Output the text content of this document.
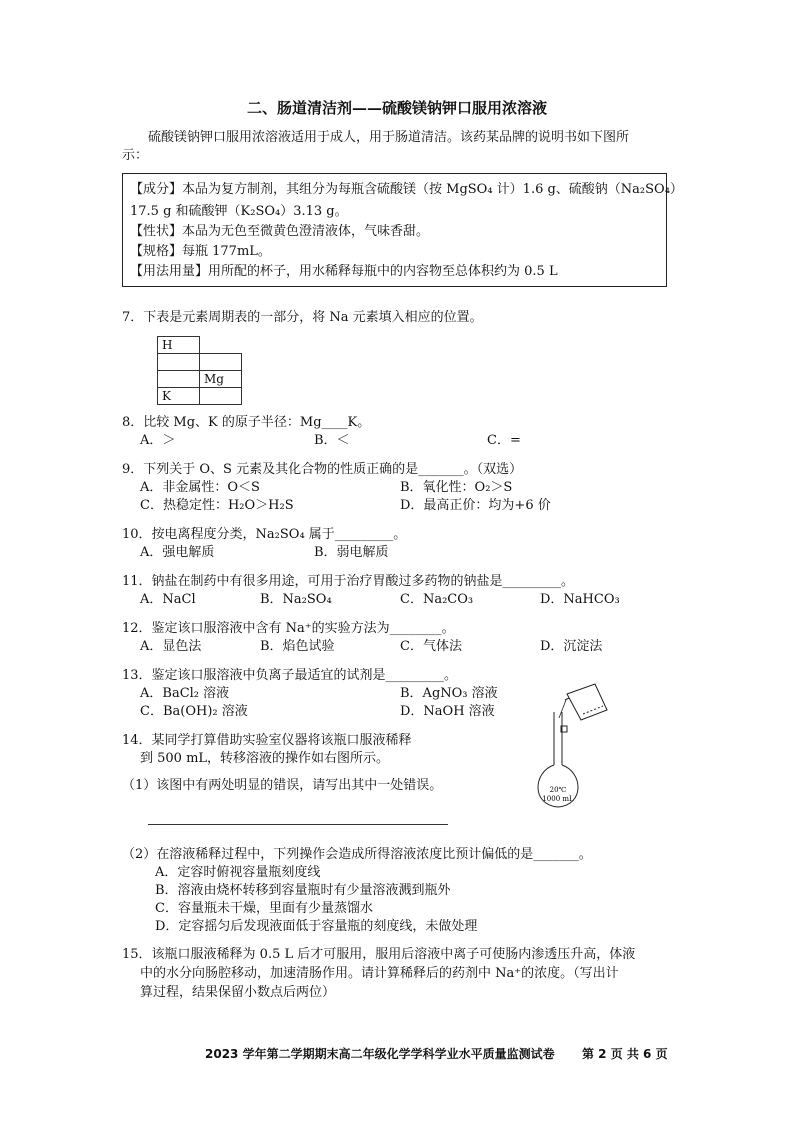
二、肠道清洁剂——硫酸镁钠钾口服用浓溶液
硫酸镁钠钾口服用浓溶液适用于成人，用于肠道清洁。该药某品牌的说明书如下图所
示：
【成分】本品为复方制剂，其组分为每瓶含硫酸镁（按 MgSO₄ 计）1.6 g、硫酸钠（Na₂SO₄）
17.5 g 和硫酸钾（K₂SO₄）3.13 g。
【性状】本品为无色至微黄色澄清液体，气味香甜。
【规格】每瓶 177mL。
【用法用量】用所配的杯子，用水稀释每瓶中的内容物至总体积约为 0.5 L
7．下表是元素周期表的一部分，将 Na 元素填入相应的位置。
H	

	Mg
K	
8．比较 Mg、K 的原子半径：Mg____K。
A．＞	B．＜	C．=
9．下列关于 O、S 元素及其化合物的性质正确的是_______。（双选）
A．非金属性：O＜S	B．氧化性：O₂＞S
C．热稳定性：H₂O＞H₂S	D．最高正价：均为+6 价
10．按电离程度分类，Na₂SO₄ 属于_________。
A．强电解质	B．弱电解质
11．钠盐在制药中有很多用途，可用于治疗胃酸过多药物的钠盐是_________。
A．NaCl	B．Na₂SO₄	C．Na₂CO₃	D．NaHCO₃
12．鉴定该口服溶液中含有 Na⁺的实验方法为________。
A．显色法	B．焰色试验	C．气体法	D．沉淀法
13．鉴定该口服溶液中负离子最适宜的试剂是_________。
A．BaCl₂ 溶液	B．AgNO₃ 溶液
C．Ba(OH)₂ 溶液	D．NaOH 溶液
20℃
1000 mL
14．某同学打算借助实验室仪器将该瓶口服液稀释
到 500 mL，转移溶液的操作如右图所示。
（1）该图中有两处明显的错误，请写出其中一处错误。
（2）在溶液稀释过程中，下列操作会造成所得溶液浓度比预计偏低的是_______。
A．定容时俯视容量瓶刻度线
B．溶液由烧杯转移到容量瓶时有少量溶液溅到瓶外
C．容量瓶未干燥，里面有少量蒸馏水
D．定容摇匀后发现液面低于容量瓶的刻度线，未做处理
15．该瓶口服液稀释为 0.5 L 后才可服用，服用后溶液中离子可使肠内渗透压升高，体液
中的水分向肠腔移动，加速清肠作用。请计算稀释后的药剂中 Na⁺的浓度。（写出计
算过程，结果保留小数点后两位）
2023 学年第二学期期末高二年级化学学科学业水平质量监测试卷 第 2 页 共 6 页
